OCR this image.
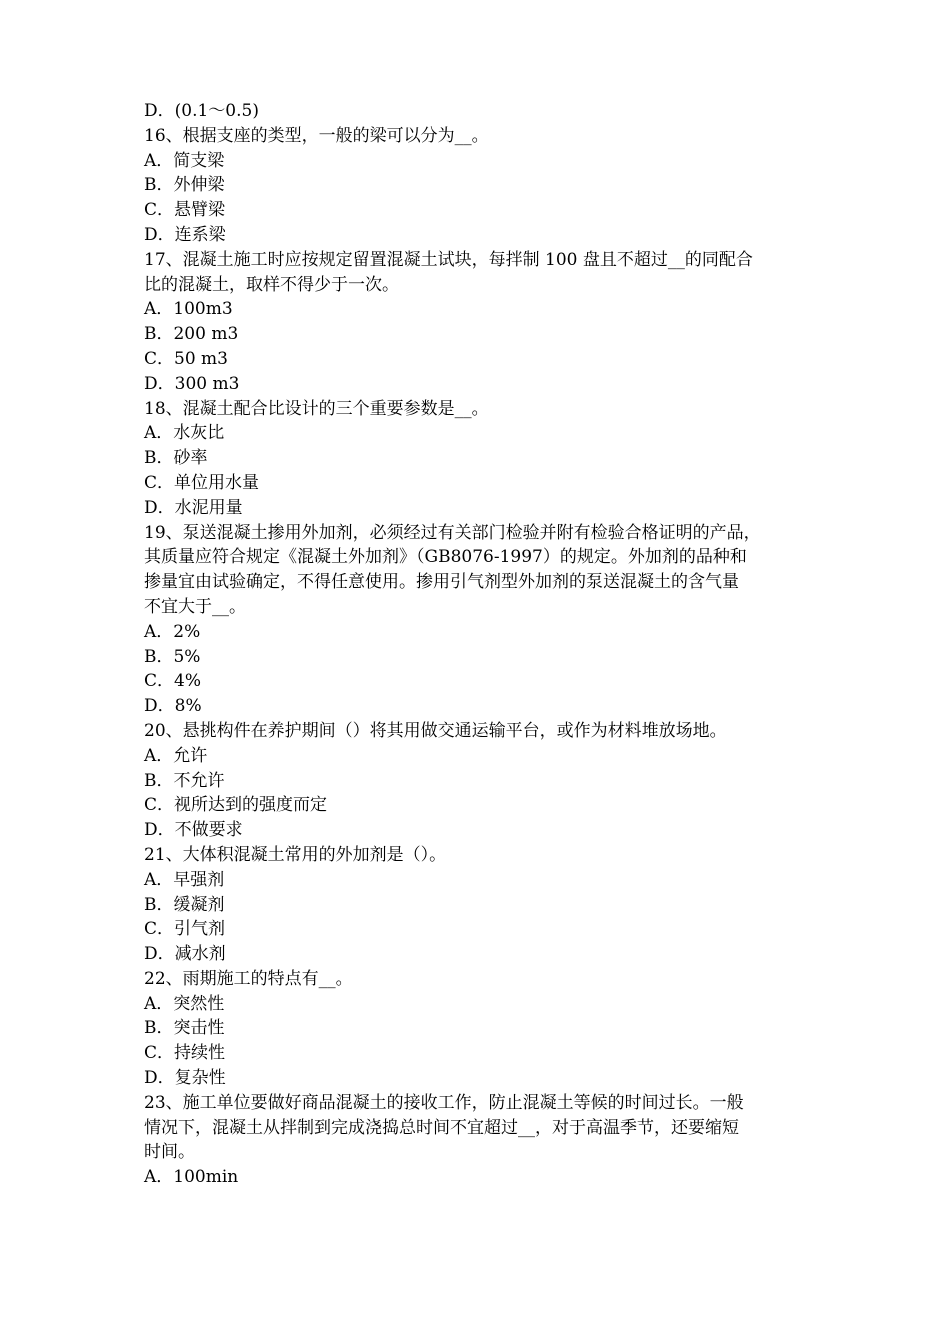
D．(0.1～0.5)
16、根据支座的类型，一般的梁可以分为__。
A．简支梁
B．外伸梁
C．悬臂梁
D．连系梁
17、混凝土施工时应按规定留置混凝土试块，每拌制 100 盘且不超过__的同配合
比的混凝土，取样不得少于一次。
A．100m3
B．200 m3
C．50 m3
D．300 m3
18、混凝土配合比设计的三个重要参数是__。
A．水灰比
B．砂率
C．单位用水量
D．水泥用量
19、泵送混凝土掺用外加剂，必须经过有关部门检验并附有检验合格证明的产品，
其质量应符合规定《混凝土外加剂》（GB8076-1997）的规定。外加剂的品种和
掺量宜由试验确定，不得任意使用。掺用引气剂型外加剂的泵送混凝土的含气量
不宜大于__。
A．2%
B．5%
C．4%
D．8%
20、悬挑构件在养护期间（）将其用做交通运输平台，或作为材料堆放场地。
A．允许
B．不允许
C．视所达到的强度而定
D．不做要求
21、大体积混凝土常用的外加剂是（）。
A．早强剂
B．缓凝剂
C．引气剂
D．减水剂
22、雨期施工的特点有__。
A．突然性
B．突击性
C．持续性
D．复杂性
23、施工单位要做好商品混凝土的接收工作，防止混凝土等候的时间过长。一般
情况下，混凝土从拌制到完成浇捣总时间不宜超过__，对于高温季节，还要缩短
时间。
A．100min
